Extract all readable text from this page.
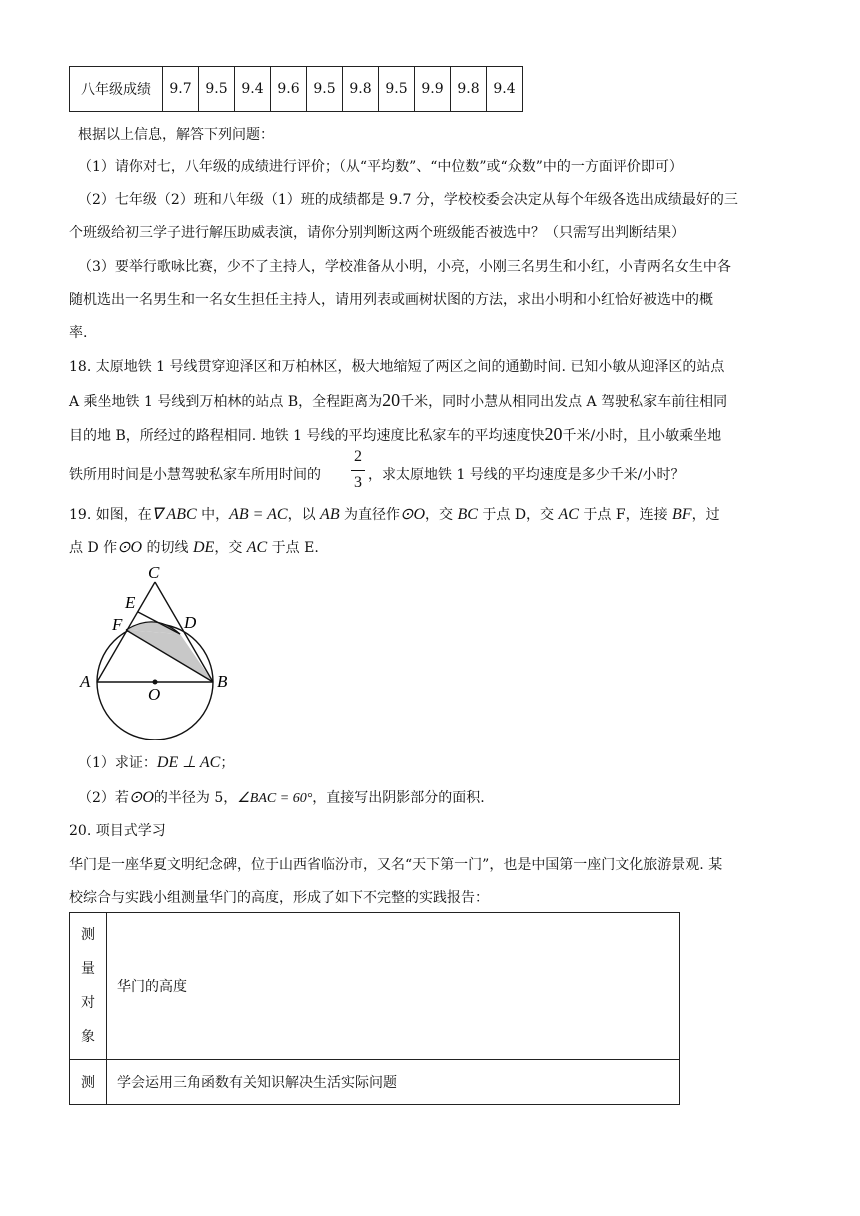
八年级成绩	9.7	9.5	9.4	9.6	9.5	9.8	9.5	9.9	9.8	9.4
根据以上信息，解答下列问题：
（1）请你对七，八年级的成绩进行评价；（从“平均数”、“中位数”或“众数”中的一方面评价即可）
（2）七年级（2）班和八年级（1）班的成绩都是 9.7 分，学校校委会决定从每个年级各选出成绩最好的三
个班级给初三学子进行解压助威表演，请你分别判断这两个班级能否被选中？（只需写出判断结果）
（3）要举行歌咏比赛，少不了主持人，学校准备从小明，小亮，小刚三名男生和小红，小青两名女生中各
随机选出一名男生和一名女生担任主持人，请用列表或画树状图的方法，求出小明和小红恰好被选中的概
率.
18. 太原地铁 1 号线贯穿迎泽区和万柏林区，极大地缩短了两区之间的通勤时间. 已知小敏从迎泽区的站点
A 乘坐地铁 1 号线到万柏林的站点 B，全程距离为20千米，同时小慧从相同出发点 A 驾驶私家车前往相同
目的地 B，所经过的路程相同. 地铁 1 号线的平均速度比私家车的平均速度快20千米/小时，且小敏乘坐地
铁所用时间是小慧驾驶私家车所用时间的
2
3 ，求太原地铁 1 号线的平均速度是多少千米/小时？
19. 如图，在∇ ABC 中，AB = AC，以 AB 为直径作⊙O，交 BC 于点 D，交 AC 于点 F，连接 BF，过
点 D 作⊙O 的切线 DE，交 AC 于点 E.
C
E
D
F
A
O
B
（1）求证：DE ⊥ AC；
（2）若⊙O的半径为 5，∠BAC = 60°，直接写出阴影部分的面积.
20. 项目式学习
华门是一座华夏文明纪念碑，位于山西省临汾市，又名“天下第一门”，也是中国第一座门文化旅游景观. 某
校综合与实践小组测量华门的高度，形成了如下不完整的实践报告：
测
量
对
象	华门的高度

测	学会运用三角函数有关知识解决生活实际问题
